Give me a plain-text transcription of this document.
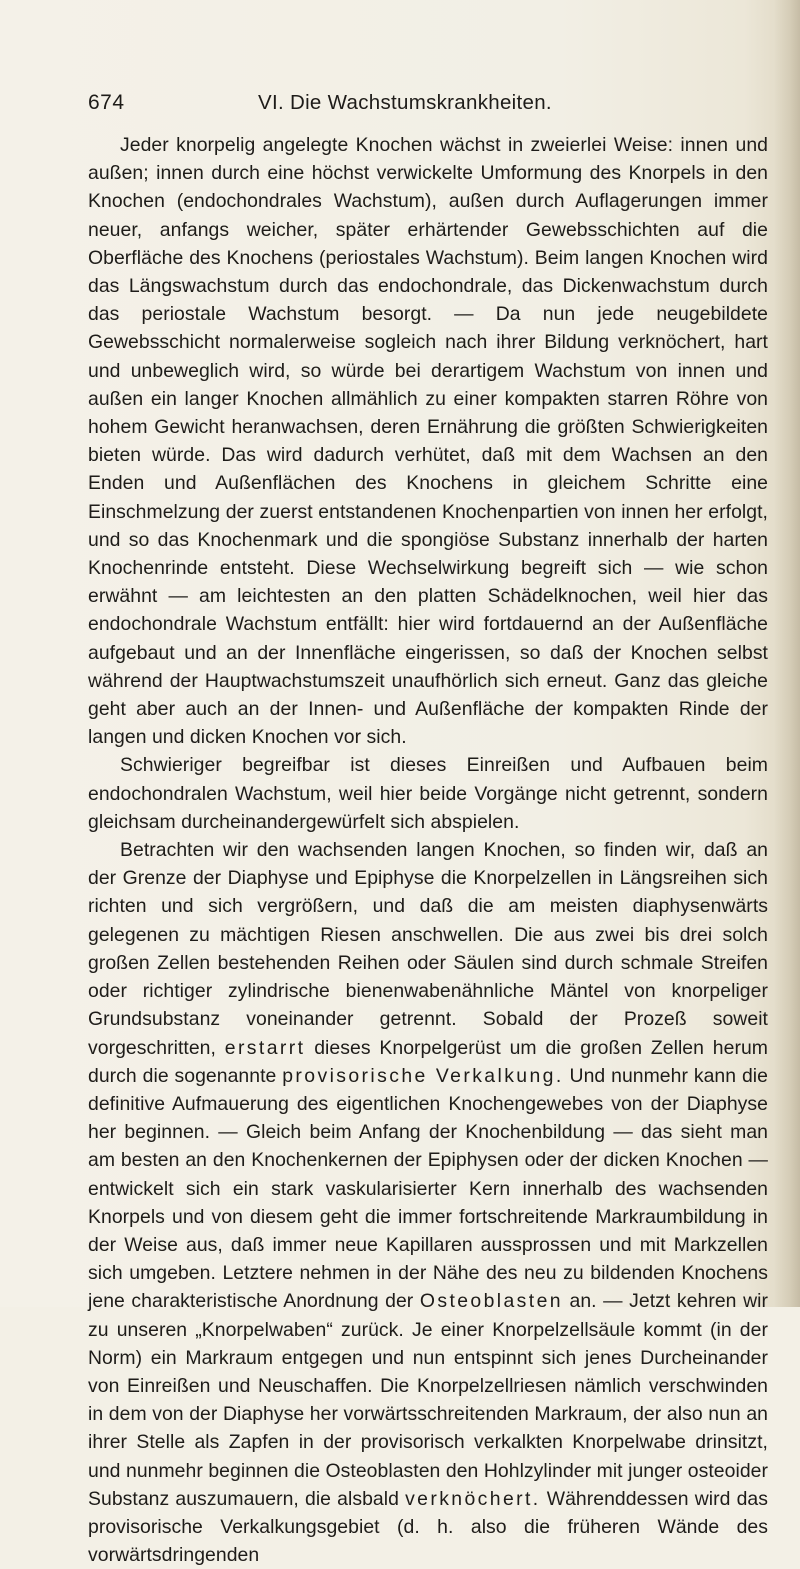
674	VI. Die Wachstumskrankheiten.

Jeder knorpelig angelegte Knochen wächst in zweierlei Weise: innen und außen; innen durch eine höchst verwickelte Umformung des Knorpels in den Knochen (endochondrales Wachstum), außen durch Auflagerungen immer neuer, anfangs weicher, später erhärtender Gewebsschichten auf die Oberfläche des Knochens (periostales Wachstum). Beim langen Knochen wird das Längswachstum durch das endochondrale, das Dickenwachstum durch das periostale Wachstum besorgt. — Da nun jede neugebildete Gewebsschicht normalerweise sogleich nach ihrer Bildung verknöchert, hart und unbeweglich wird, so würde bei derartigem Wachstum von innen und außen ein langer Knochen allmählich zu einer kompakten starren Röhre von hohem Gewicht heranwachsen, deren Ernährung die größten Schwierigkeiten bieten würde. Das wird dadurch verhütet, daß mit dem Wachsen an den Enden und Außenflächen des Knochens in gleichem Schritte eine Einschmelzung der zuerst entstandenen Knochenpartien von innen her erfolgt, und so das Knochenmark und die spongiöse Substanz innerhalb der harten Knochenrinde entsteht. Diese Wechselwirkung begreift sich — wie schon erwähnt — am leichtesten an den platten Schädelknochen, weil hier das endochondrale Wachstum entfällt: hier wird fortdauernd an der Außenfläche aufgebaut und an der Innenfläche eingerissen, so daß der Knochen selbst während der Hauptwachstumszeit unaufhörlich sich erneut. Ganz das gleiche geht aber auch an der Innen- und Außenfläche der kompakten Rinde der langen und dicken Knochen vor sich.

Schwieriger begreifbar ist dieses Einreißen und Aufbauen beim endochondralen Wachstum, weil hier beide Vorgänge nicht getrennt, sondern gleichsam durcheinandergewürfelt sich abspielen.

Betrachten wir den wachsenden langen Knochen, so finden wir, daß an der Grenze der Diaphyse und Epiphyse die Knorpelzellen in Längsreihen sich richten und sich vergrößern, und daß die am meisten diaphysenwärts gelegenen zu mächtigen Riesen anschwellen. Die aus zwei bis drei solch großen Zellen bestehenden Reihen oder Säulen sind durch schmale Streifen oder richtiger zylindrische bienenwabenähnliche Mäntel von knorpeliger Grundsubstanz voneinander getrennt. Sobald der Prozeß soweit vorgeschritten, erstarrt dieses Knorpelgerüst um die großen Zellen herum durch die sogenannte provisorische Verkalkung. Und nunmehr kann die definitive Aufmauerung des eigentlichen Knochengewebes von der Diaphyse her beginnen. — Gleich beim Anfang der Knochenbildung — das sieht man am besten an den Knochenkernen der Epiphysen oder der dicken Knochen — entwickelt sich ein stark vaskularisierter Kern innerhalb des wachsenden Knorpels und von diesem geht die immer fortschreitende Markraumbildung in der Weise aus, daß immer neue Kapillaren aussprossen und mit Markzellen sich umgeben. Letztere nehmen in der Nähe des neu zu bildenden Knochens jene charakteristische Anordnung der Osteoblasten an. — Jetzt kehren wir zu unseren „Knorpelwaben“ zurück. Je einer Knorpelzellsäule kommt (in der Norm) ein Markraum entgegen und nun entspinnt sich jenes Durcheinander von Einreißen und Neuschaffen. Die Knorpelzellriesen nämlich verschwinden in dem von der Diaphyse her vorwärtsschreitenden Markraum, der also nun an ihrer Stelle als Zapfen in der provisorisch verkalkten Knorpelwabe drinsitzt, und nunmehr beginnen die Osteoblasten den Hohlzylinder mit junger osteoider Substanz auszumauern, die alsbald verknöchert. Währenddessen wird das provisorische Verkalkungsgebiet (d. h. also die früheren Wände des vorwärtsdringenden
